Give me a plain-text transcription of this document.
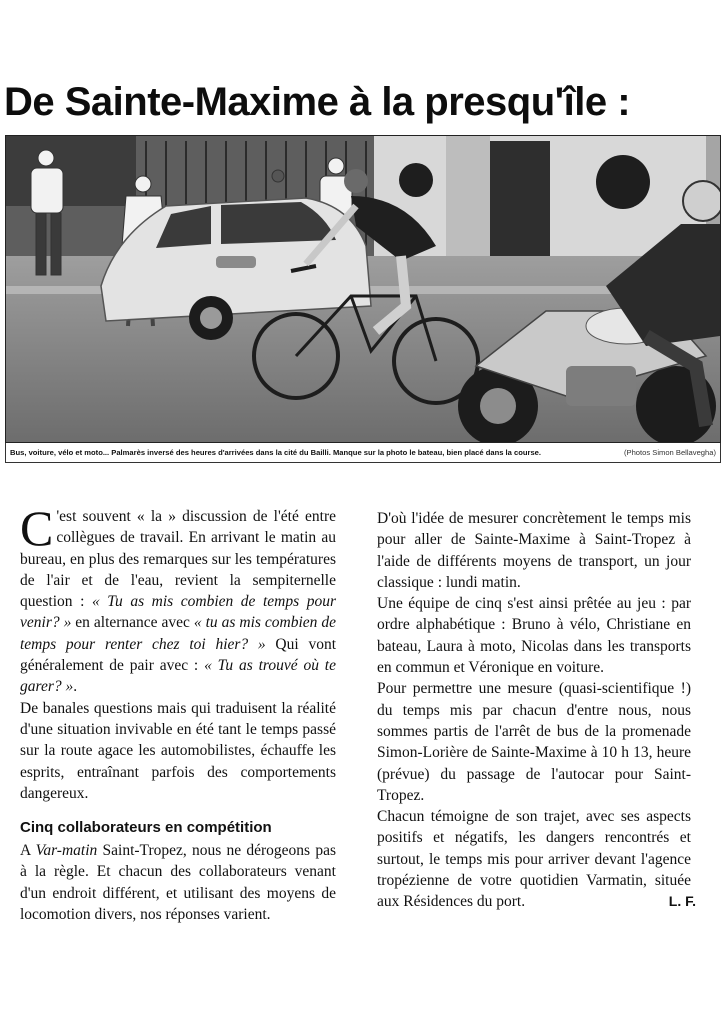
De Sainte-Maxime à la presqu'île :
Bus, voiture, vélo et moto... Palmarès inversé des heures d'arrivées dans la cité du Bailli. Manque sur la photo le bateau, bien placé dans la course.	(Photos Simon Bellavegha)

C 'est souvent « la » discussion de l'été entre collègues de travail. En arrivant le matin au bureau, en plus des remarques sur les températures de l'air et de l'eau, revient la sempiternelle question : « Tu as mis combien de temps pour venir? » en alternance avec « tu as mis combien de temps pour renter chez toi hier? » Qui vont généralement de pair avec : « Tu as trouvé où te garer? ».

De banales questions mais qui traduisent la réalité d'une situation invivable en été tant le temps passé sur la route agace les automobilistes, échauffe les esprits, entraînant parfois des comportements dangereux.

Cinq collaborateurs en compétition

A Var-matin Saint-Tropez, nous ne dérogeons pas à la règle. Et chacun des collaborateurs venant d'un endroit différent, et utilisant des moyens de locomotion divers, nos réponses varient.

D'où l'idée de mesurer concrètement le temps mis pour aller de Sainte-Maxime à Saint-Tropez à l'aide de différents moyens de transport, un jour classique : lundi matin.

Une équipe de cinq s'est ainsi prêtée au jeu : par ordre alphabétique : Bruno à vélo, Christiane en bateau, Laura à moto, Nicolas dans les transports en commun et Véronique en voiture.

Pour permettre une mesure (quasi-scientifique !) du temps mis par chacun d'entre nous, nous sommes partis de l'arrêt de bus de la promenade Simon-Lorière de Sainte-Maxime à 10 h 13, heure (prévue) du passage de l'autocar pour Saint-Tropez.

Chacun témoigne de son trajet, avec ses aspects positifs et négatifs, les dangers rencontrés et surtout, le temps mis pour arriver devant l'agence tropézienne de votre quotidien Varmatin, située aux Résidences du port.	L. F.
